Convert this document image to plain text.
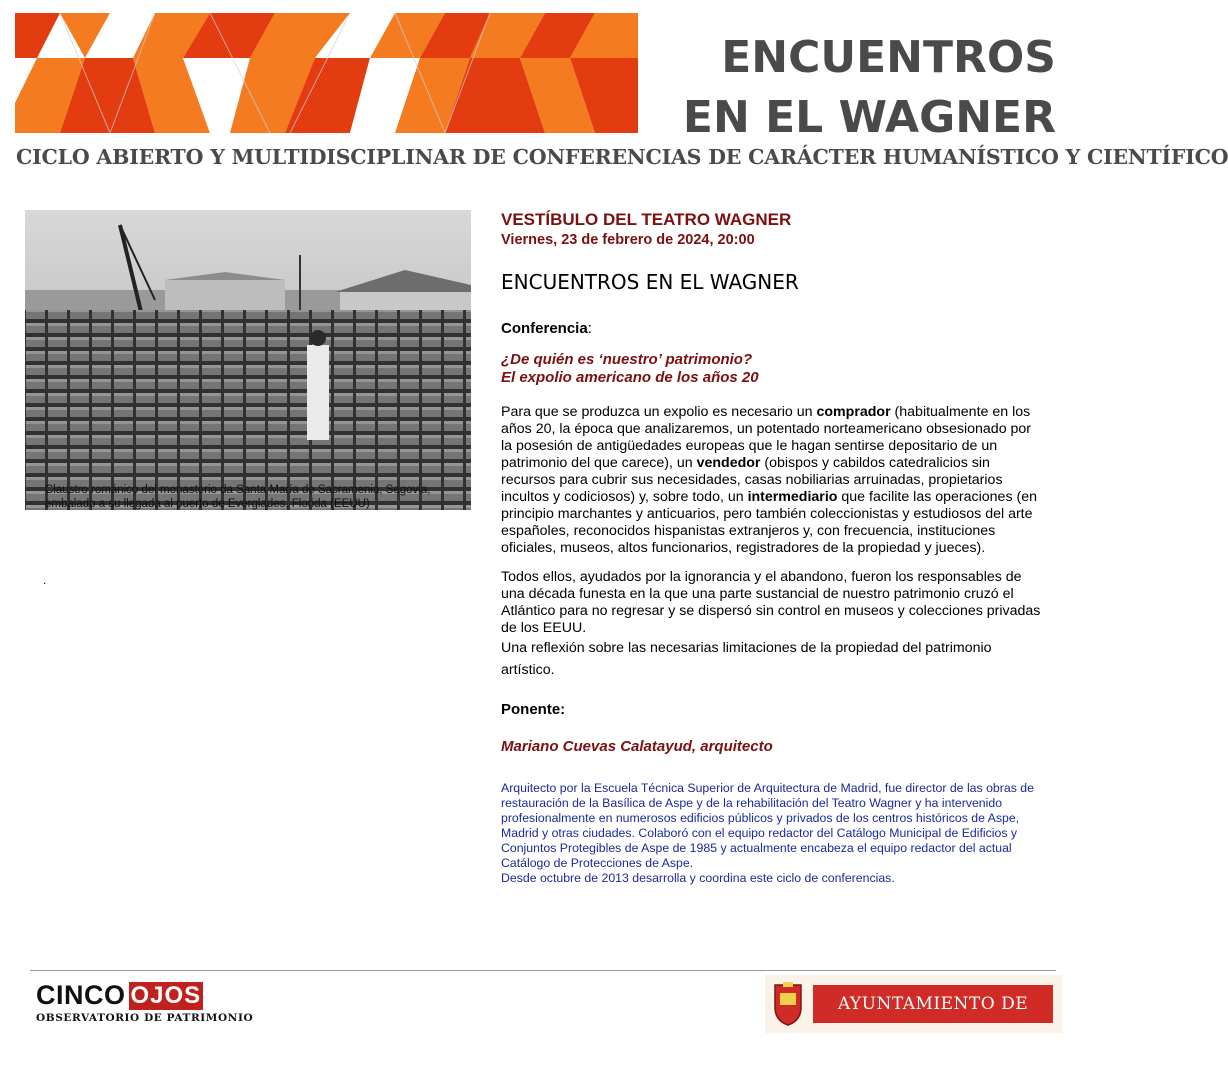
ENCUENTROS
EN EL WAGNER
CICLO ABIERTO Y MULTIDISCIPLINAR DE CONFERENCIAS DE CARÁCTER HUMANÍSTICO Y CIENTÍFICO
Claustro románico del monasterio da Santa María de Sacramenia, Segovia, embalado a su llegada al puerto de Everglades, Florida (EEUU)
.

VESTÍBULO DEL TEATRO WAGNER

Viernes, 23 de febrero de 2024, 20:00

ENCUENTROS EN EL WAGNER

Conferencia:

¿De quién es ‘nuestro’ patrimonio?
El expolio americano de los años 20

Para que se produzca un expolio es necesario un comprador (habitualmente en los años 20, la época que analizaremos, un potentado norteamericano obsesionado por la posesión de antigüedades europeas que le hagan sentirse depositario de un patrimonio del que carece), un vendedor (obispos y cabildos catedralicios sin recursos para cubrir sus necesidades, casas nobiliarias arruinadas, propietarios incultos y codiciosos) y, sobre todo, un intermediario que facilite las operaciones (en principio marchantes y anticuarios, pero también coleccionistas y estudiosos del arte españoles, reconocidos hispanistas extranjeros y, con frecuencia, instituciones oficiales, museos, altos funcionarios, registradores de la propiedad y jueces).

Todos ellos, ayudados por la ignorancia y el abandono, fueron los responsables de una década funesta en la que una parte sustancial de nuestro patrimonio cruzó el Atlántico para no regresar y se dispersó sin control en museos y colecciones privadas de los EEUU.

Una reflexión sobre las necesarias limitaciones de la propiedad del patrimonio artístico.

Ponente:

Mariano Cuevas Calatayud, arquitecto

Arquitecto por la Escuela Técnica Superior de Arquitectura de Madrid, fue director de las obras de restauración de la Basílica de Aspe y de la rehabilitación del Teatro Wagner y ha intervenido profesionalmente en numerosos edificios públicos y privados de los centros históricos de Aspe, Madrid y otras ciudades. Colaboró con el equipo redactor del Catálogo Municipal de Edificios y Conjuntos Protegibles de Aspe de 1985 y actualmente encabeza el equipo redactor del actual Catálogo de Protecciones de Aspe.

Desde octubre de 2013 desarrolla y coordina este ciclo de conferencias.

CINCO OJOS
OBSERVATORIO DE PATRIMONIO
AYUNTAMIENTO DE ASPE
